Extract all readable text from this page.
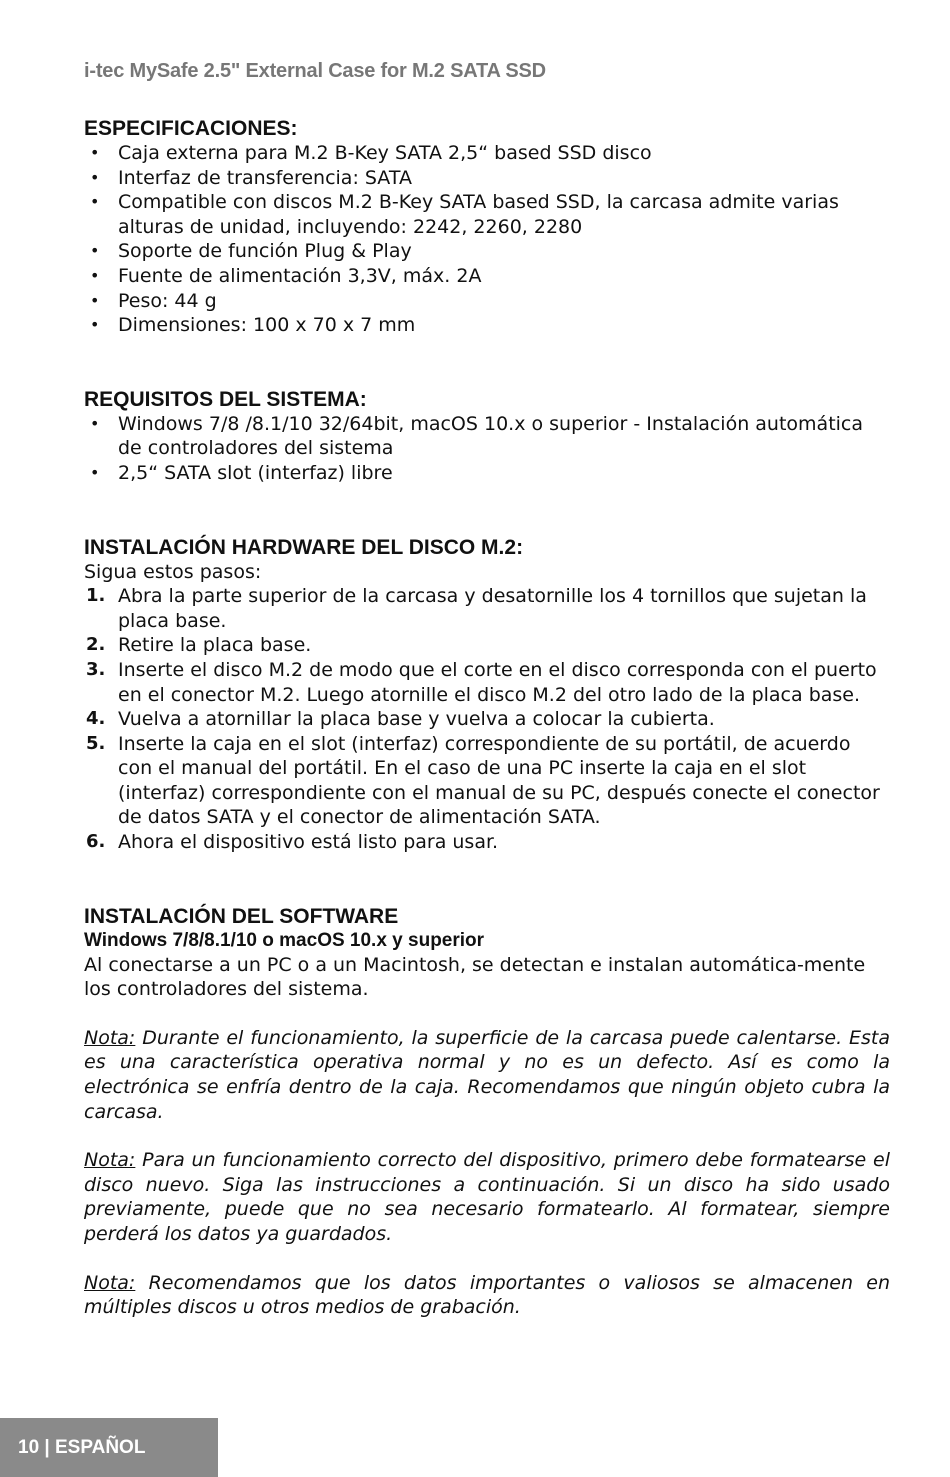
i-tec MySafe 2.5" External Case for M.2 SATA SSD
ESPECIFICACIONES:
• Caja externa para M.2 B-Key SATA 2,5“ based SSD disco
• Interfaz de transferencia: SATA
• Compatible con discos M.2 B-Key SATA based SSD, la carcasa admite varias alturas de unidad, incluyendo: 2242, 2260, 2280
• Soporte de función Plug & Play
• Fuente de alimentación 3,3V, máx. 2A
• Peso: 44 g
• Dimensiones: 100 x 70 x 7 mm
REQUISITOS DEL SISTEMA:
• Windows 7/8 /8.1/10 32/64bit, macOS 10.x o superior - Instalación automática de controladores del sistema
• 2,5“ SATA slot (interfaz) libre
INSTALACIÓN HARDWARE DEL DISCO M.2:

Sigua estos pasos:

1. Abra la parte superior de la carcasa y desatornille los 4 tornillos que sujetan la placa base.
2. Retire la placa base.
3. Inserte el disco M.2 de modo que el corte en el disco corresponda con el puerto en el conector M.2. Luego atornille el disco M.2 del otro lado de la placa base.
4. Vuelva a atornillar la placa base y vuelva a colocar la cubierta.
5. Inserte la caja en el slot (interfaz) correspondiente de su portátil, de acuerdo con el manual del portátil. En el caso de una PC inserte la caja en el slot (interfaz) correspondiente con el manual de su PC, después conecte el conector de datos SATA y el conector de alimentación SATA.
6. Ahora el dispositivo está listo para usar.
INSTALACIÓN DEL SOFTWARE
Windows 7/8/8.1/10 o macOS 10.x y superior

Al conectarse a un PC o a un Macintosh, se detectan e instalan automática-mente los controladores del sistema.

Nota: Durante el funcionamiento, la superficie de la carcasa puede calentarse. Esta es una característica operativa normal y no es un defecto. Así es como la electrónica se enfría dentro de la caja. Recomendamos que ningún objeto cubra la carcasa.

Nota: Para un funcionamiento correcto del dispositivo, primero debe formatearse el disco nuevo. Siga las instrucciones a continuación. Si un disco ha sido usado previamente, puede que no sea necesario formatearlo. Al formatear, siempre perderá los datos ya guardados.

Nota: Recomendamos que los datos importantes o valiosos se almacenen en múltiples discos u otros medios de grabación.

10 | ESPAÑOL
